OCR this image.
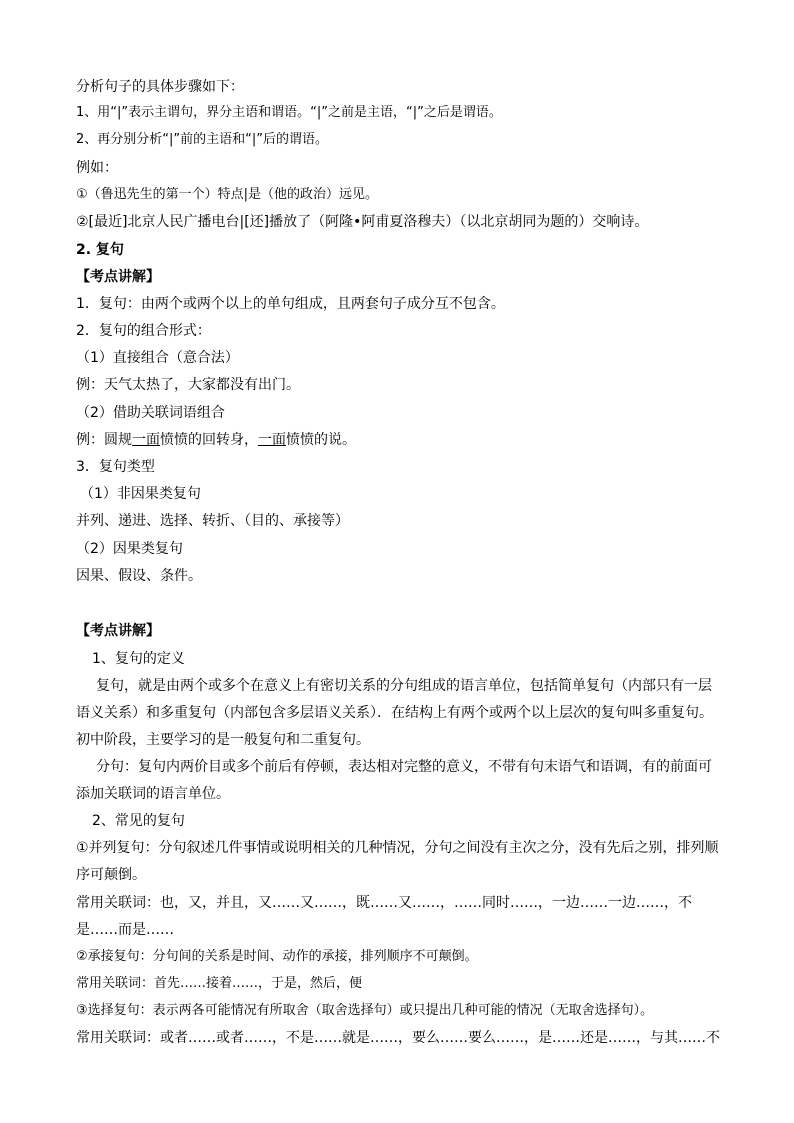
分析句子的具体步骤如下：
1、用“|”表示主谓句，界分主语和谓语。“|”之前是主语，“|”之后是谓语。
2、再分别分析“|”前的主语和“|”后的谓语。
例如：
①（鲁迅先生的第一个）特点|是（他的政治）远见。
②[最近]北京人民广播电台|[还]播放了（阿隆•阿甫夏洛穆夫）（以北京胡同为题的）交响诗。
2. 复句
【考点讲解】
1．复句：由两个或两个以上的单句组成，且两套句子成分互不包含。
2．复句的组合形式：
（1）直接组合（意合法）
例：天气太热了，大家都没有出门。
（2）借助关联词语组合
例：圆规一面愤愤的回转身，一面愤愤的说。
3．复句类型
（1）非因果类复句
并列、递进、选择、转折、（目的、承接等）
（2）因果类复句
因果、假设、条件。
【考点讲解】
1、复句的定义
复句，就是由两个或多个在意义上有密切关系的分句组成的语言单位，包括简单复句（内部只有一层
语义关系）和多重复句（内部包含多层语义关系）．在结构上有两个或两个以上层次的复句叫多重复句。
初中阶段，主要学习的是一般复句和二重复句。
分句：复句内两价目或多个前后有停顿，表达相对完整的意义，不带有句末语气和语调，有的前面可
添加关联词的语言单位。
2、常见的复句
①并列复句：分句叙述几件事情或说明相关的几种情况，分句之间没有主次之分，没有先后之别，排列顺
序可颠倒。
常用关联词：也，又，并且，又……又……，既……又……，……同时……，一边……一边……，不
是……而是……
②承接复句：分句间的关系是时间、动作的承接，排列顺序不可颠倒。
常用关联词：首先……接着……，于是，然后，便
③选择复句：表示两各可能情况有所取舍（取舍选择句）或只提出几种可能的情况（无取舍选择句）。
常用关联词：或者……或者……，不是……就是……，要么……要么……，是……还是……，与其……不
